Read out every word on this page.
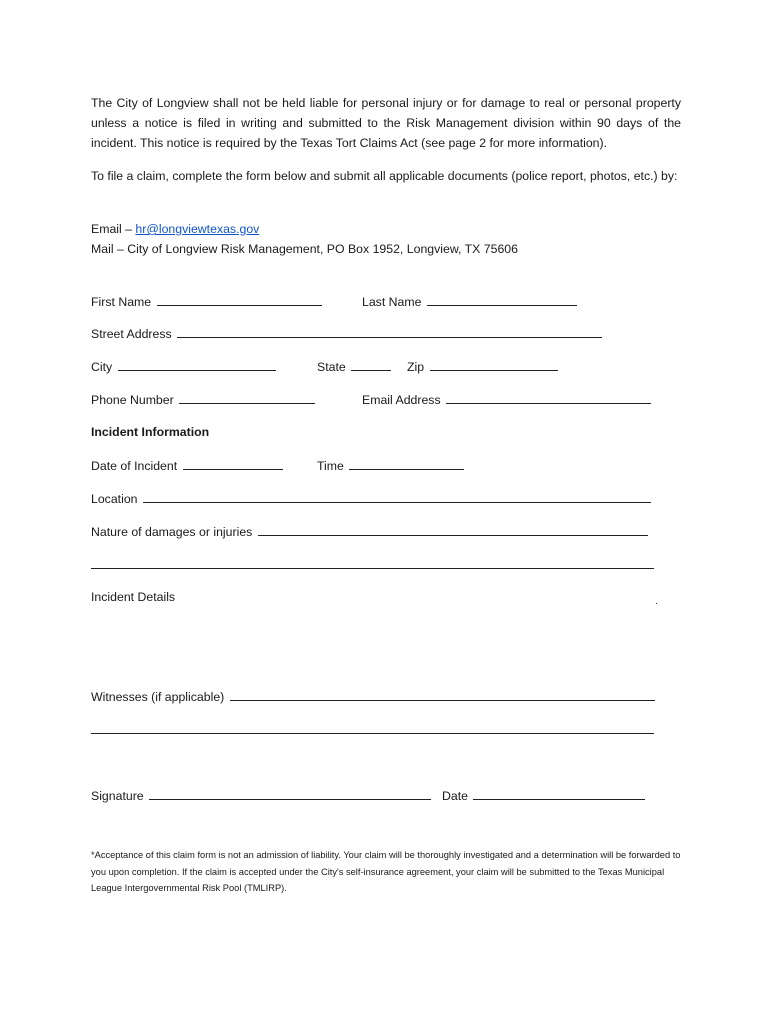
The City of Longview shall not be held liable for personal injury or for damage to real or personal property unless a notice is filed in writing and submitted to the Risk Management division within 90 days of the incident. This notice is required by the Texas Tort Claims Act (see page 2 for more information).

To file a claim, complete the form below and submit all applicable documents (police report, photos, etc.) by:

Email – hr@longviewtexas.gov
Mail – City of Longview Risk Management, PO Box 1952, Longview, TX 75606
First Name	Last Name
Street Address
City	State	Zip
Phone Number	Email Address
Incident Information
Date of Incident	Time
Location
Nature of damages or injuries
Incident Details	.
Witnesses (if applicable)
Signature	Date
*Acceptance of this claim form is not an admission of liability. Your claim will be thoroughly investigated and a determination will be forwarded to you upon completion. If the claim is accepted under the City's self-insurance agreement, your claim will be submitted to the Texas Municipal League Intergovernmental Risk Pool (TMLIRP).
